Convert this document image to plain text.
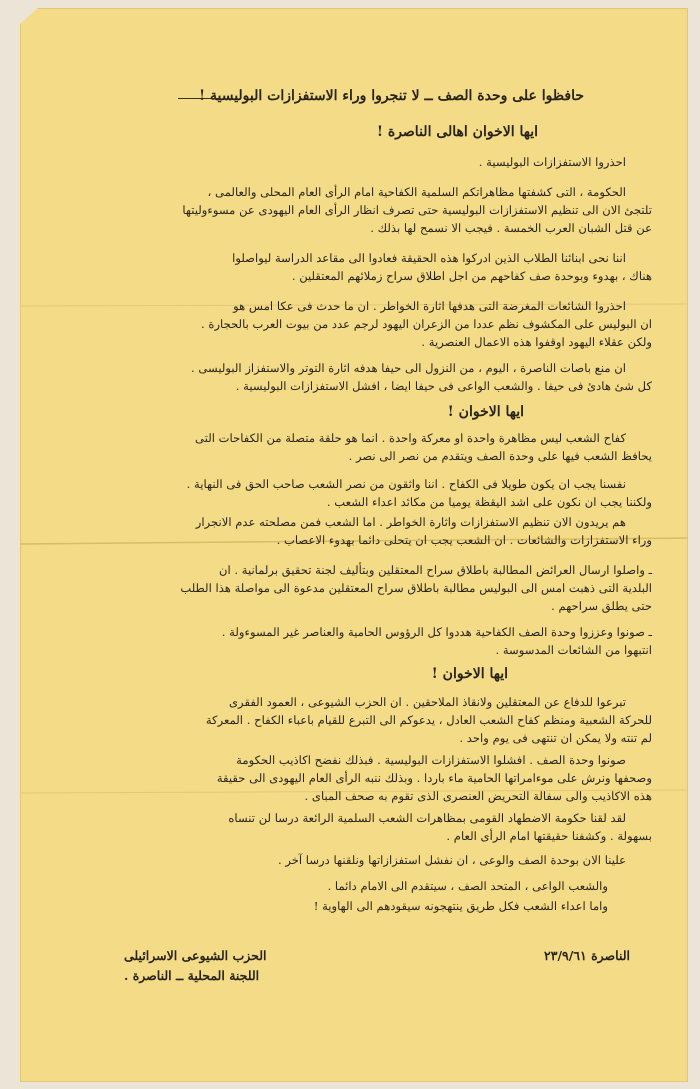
حافظوا على وحدة الصف ــ لا تنجروا وراء الاستفزازات البوليسية !
ايها الاخوان اهالى الناصرة !
احذروا الاستفزازات البوليسية .
الحكومة ، التى كشفتها مظاهراتكم السلمية الكفاحية امام الرأى العام المحلى والعالمى ،
تلتجئ الان الى تنظيم الاستفزازات البوليسية حتى تصرف انظار الرأى العام اليهودى عن مسوءوليتها
عن قتل الشبان العرب الخمسة . فيجب الا نسمح لها بذلك .
اننا نحى ابنائنا الطلاب الذين ادركوا هذه الحقيقة فعادوا الى مقاعد الدراسة ليواصلوا
هناك ، بهدوء وبوحدة صف كفاحهم من اجل اطلاق سراح زملائهم المعتقلين .
احذروا الشائعات المغرضة التى هدفها اثارة الخواطر . ان ما حدث فى عكا امس هو
ان البوليس على المكشوف نظم عددا من الزعران اليهود لرجم عدد من بيوت العرب بالحجارة .
ولكن عقلاء اليهود اوقفوا هذه الاعمال العنصرية .
ان منع باصات الناصرة ، اليوم ، من النزول الى حيفا هدفه اثارة التوتر والاستفزاز البوليسى .
كل شئ هادئ فى حيفا . والشعب الواعى فى حيفا ايضا ، افشل الاستفزازات البوليسية .
ايها الاخوان !
كفاح الشعب ليس مظاهرة واحدة او معركة واحدة . انما هو حلقة متصلة من الكفاحات التى
يحافظ الشعب فيها على وحدة الصف ويتقدم من نصر الى نصر .
نفسنا يجب ان يكون طويلا فى الكفاح . اننا واثقون من نصر الشعب صاحب الحق فى النهاية .
ولكننا يجب ان نكون على اشد اليقظة يوميا من مكائد اعداء الشعب .
هم يريدون الان تنظيم الاستفزازات واثارة الخواطر . اما الشعب فمن مصلحته عدم الانجرار
وراء الاستفزازات والشائعات . ان الشعب يجب ان يتحلى دائما بهدوء الاعصاب .
ـ واصلوا ارسال العرائض المطالبة باطلاق سراح المعتقلين وبتأليف لجنة تحقيق برلمانية . ان
البلدية التى ذهبت امس الى البوليس مطالبة باطلاق سراح المعتقلين مدعوة الى مواصلة هذا الطلب
حتى يطلق سراحهم .
ـ صونوا وعززوا وحدة الصف الكفاحية هددوا كل الرؤوس الحامية والعناصر غير المسوءولة .
انتبهوا من الشائعات المدسوسة .
ايها الاخوان !
تبرعوا للدفاع عن المعتقلين ولانقاذ الملاحقين . ان الحزب الشيوعى ، العمود الفقرى
للحركة الشعبية ومنظم كفاح الشعب العادل ، يدعوكم الى التبرع للقيام باعباء الكفاح . المعركة
لم تنته ولا يمكن ان تنتهى فى يوم واحد .
صونوا وحدة الصف . افشلوا الاستفزازات البوليسية . فبذلك نفضح اكاذيب الحكومة
وصحفها ونرش على موءامراتها الحامية ماء باردا . وبذلك ننبه الرأى العام اليهودى الى حقيقة
هذه الاكاذيب والى سفالة التحريض العنصرى الذى تقوم به صحف المباى .
لقد لقنا حكومة الاضطهاد القومى بمظاهرات الشعب السلمية الرائعة درسا لن تنساه
بسهولة . وكشفنا حقيقتها امام الرأى العام .
علينا الان بوحدة الصف والوعى ، ان نفشل استفزازاتها ونلقنها درسا آخر .
والشعب الواعى ، المتحد الصف ، سيتقدم الى الامام دائما .
واما اعداء الشعب فكل طريق ينتهجونه سيقودهم الى الهاوية !
الناصرة ٢٣/٩/٦١
الحزب الشيوعى الاسرائيلى
اللجنة المحلية ــ الناصرة .
